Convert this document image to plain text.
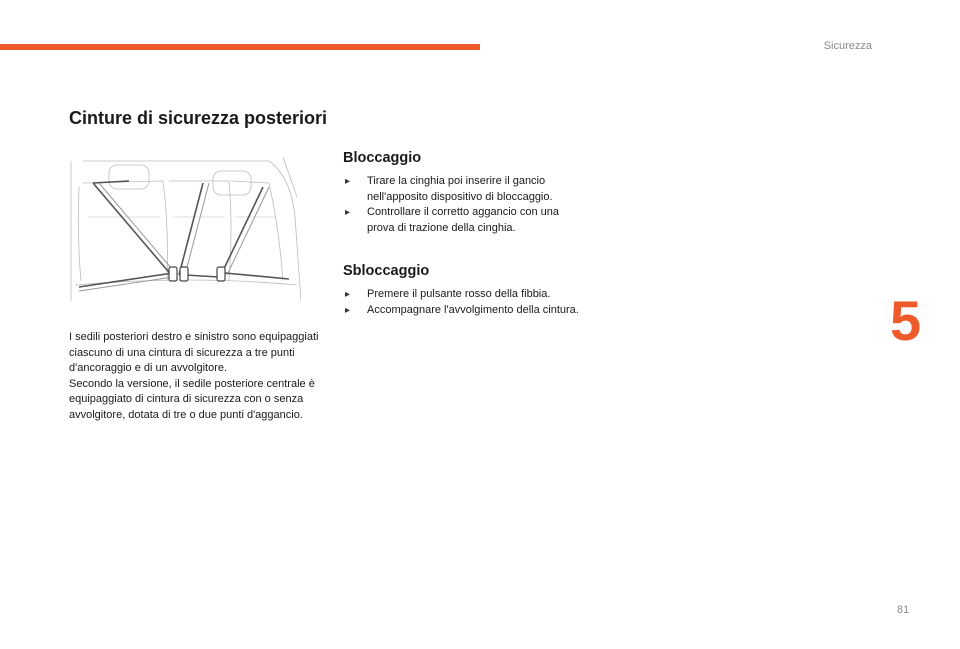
Sicurezza
5
81
Cinture di sicurezza posteriori

I sedili posteriori destro e sinistro sono equipaggiati ciascuno di una cintura di sicurezza a tre punti d'ancoraggio e di un avvolgitore.
Secondo la versione, il sedile posteriore centrale è equipaggiato di cintura di sicurezza con o senza avvolgitore, dotata di tre o due punti d'aggancio.

Bloccaggio
▸ Tirare la cinghia poi inserire il gancio nell'apposito dispositivo di bloccaggio.
▸ Controllare il corretto aggancio con una prova di trazione della cinghia.
Sbloccaggio
▸ Premere il pulsante rosso della fibbia.
▸ Accompagnare l'avvolgimento della cintura.
